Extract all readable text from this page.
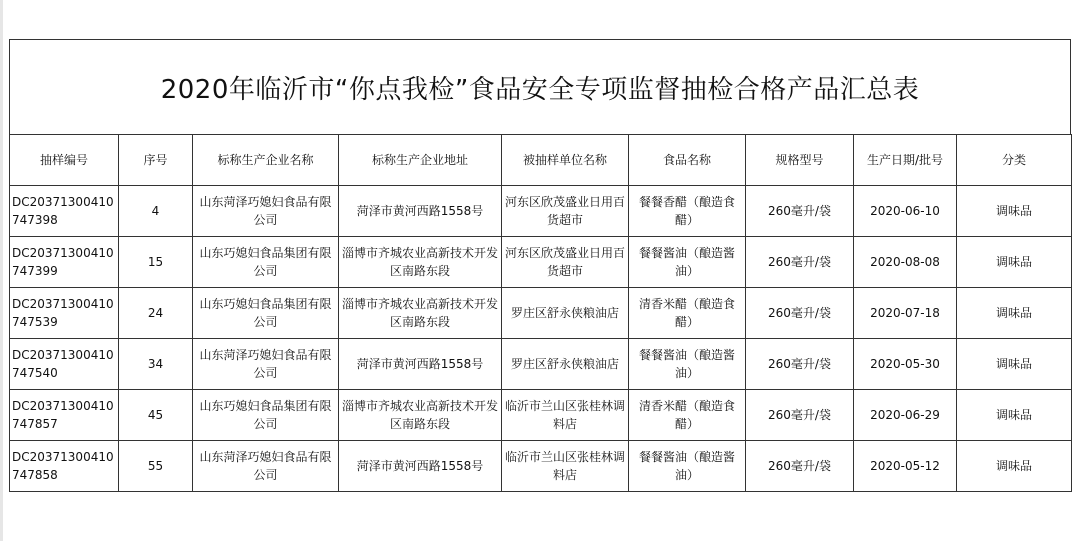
2020年临沂市“你点我检”食品安全专项监督抽检合格产品汇总表
抽样编号	序号	标称生产企业名称	标称生产企业地址	被抽样单位名称	食品名称	规格型号	生产日期/批号	分类
DC20371300410747398	4	山东菏泽巧媳妇食品有限公司	菏泽市黄河西路1558号	河东区欣茂盛业日用百货超市	餐餐香醋（酿造食醋）	260毫升/袋	2020-06-10	调味品
DC20371300410747399	15	山东巧媳妇食品集团有限公司	淄博市齐城农业高新技术开发区南路东段	河东区欣茂盛业日用百货超市	餐餐酱油（酿造酱油）	260毫升/袋	2020-08-08	调味品
DC20371300410747539	24	山东巧媳妇食品集团有限公司	淄博市齐城农业高新技术开发区南路东段	罗庄区舒永侠粮油店	清香米醋（酿造食醋）	260毫升/袋	2020-07-18	调味品
DC20371300410747540	34	山东菏泽巧媳妇食品有限公司	菏泽市黄河西路1558号	罗庄区舒永侠粮油店	餐餐酱油（酿造酱油）	260毫升/袋	2020-05-30	调味品
DC20371300410747857	45	山东巧媳妇食品集团有限公司	淄博市齐城农业高新技术开发区南路东段	临沂市兰山区张桂林调料店	清香米醋（酿造食醋）	260毫升/袋	2020-06-29	调味品
DC20371300410747858	55	山东菏泽巧媳妇食品有限公司	菏泽市黄河西路1558号	临沂市兰山区张桂林调料店	餐餐酱油（酿造酱油）	260毫升/袋	2020-05-12	调味品
